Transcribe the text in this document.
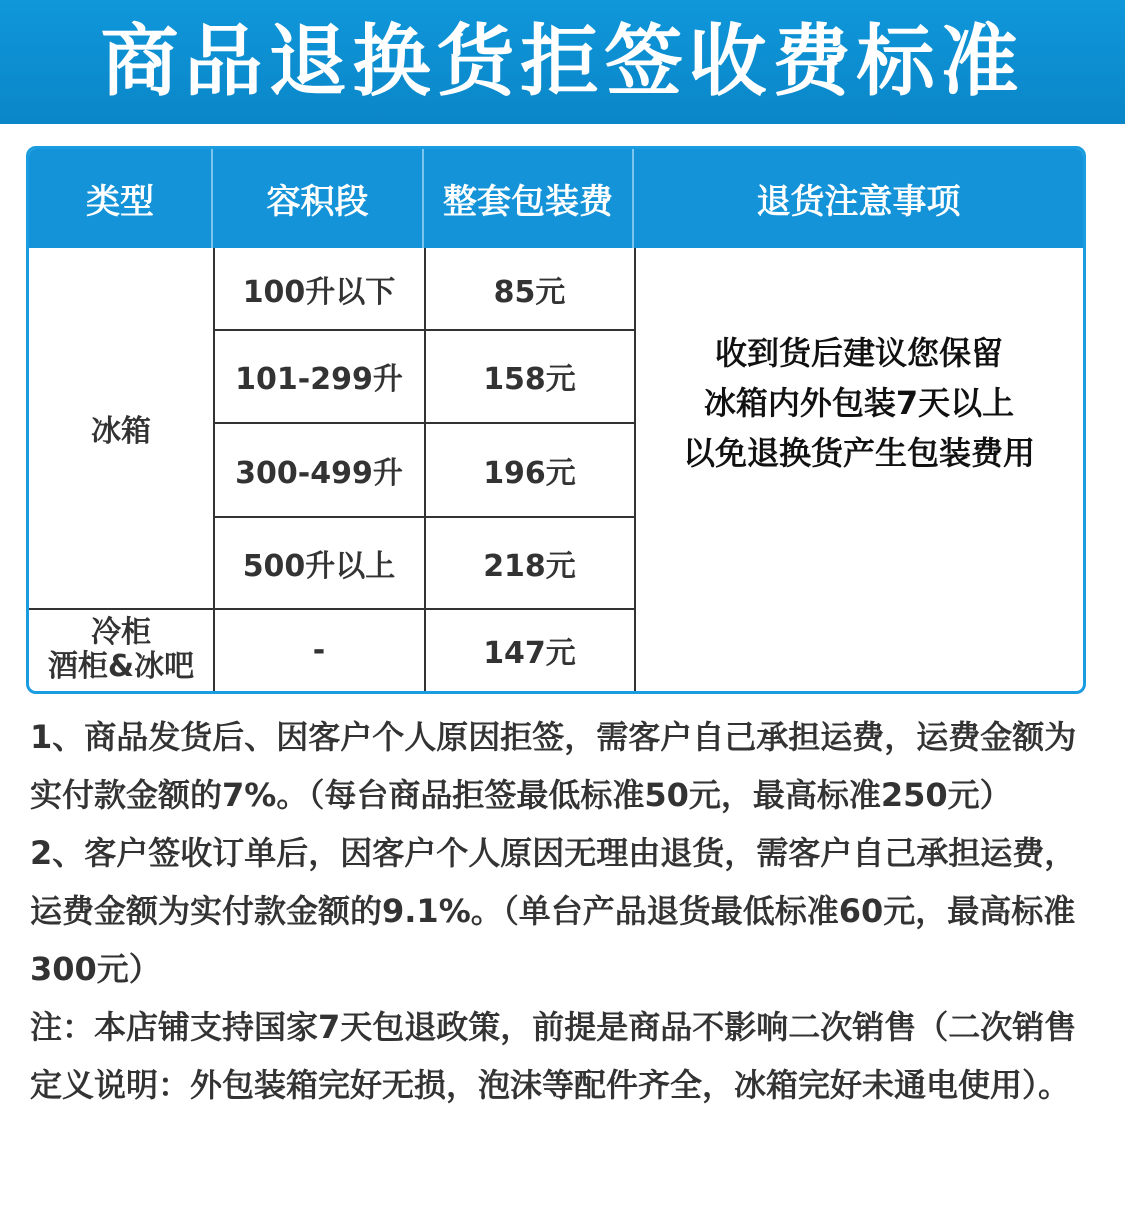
商品退换货拒签收费标准
类型	容积段	整套包装费	退货注意事项
冰箱
100升以下	85元
101-299升	158元
300-499升	196元
500升以上	218元
冷柜
酒柜&冰吧	-	147元
收到货后建议您保留
冰箱内外包装7天以上
以免退换货产生包装费用

1、商品发货后、因客户个人原因拒签，需客户自己承担运费，运费金额为实付款金额的7%。（每台商品拒签最低标准50元，最高标准250元）

2、客户签收订单后，因客户个人原因无理由退货，需客户自己承担运费，运费金额为实付款金额的9.1%。（单台产品退货最低标准60元，最高标准300元）

注：本店铺支持国家7天包退政策，前提是商品不影响二次销售（二次销售定义说明：外包装箱完好无损，泡沫等配件齐全，冰箱完好未通电使用）。
